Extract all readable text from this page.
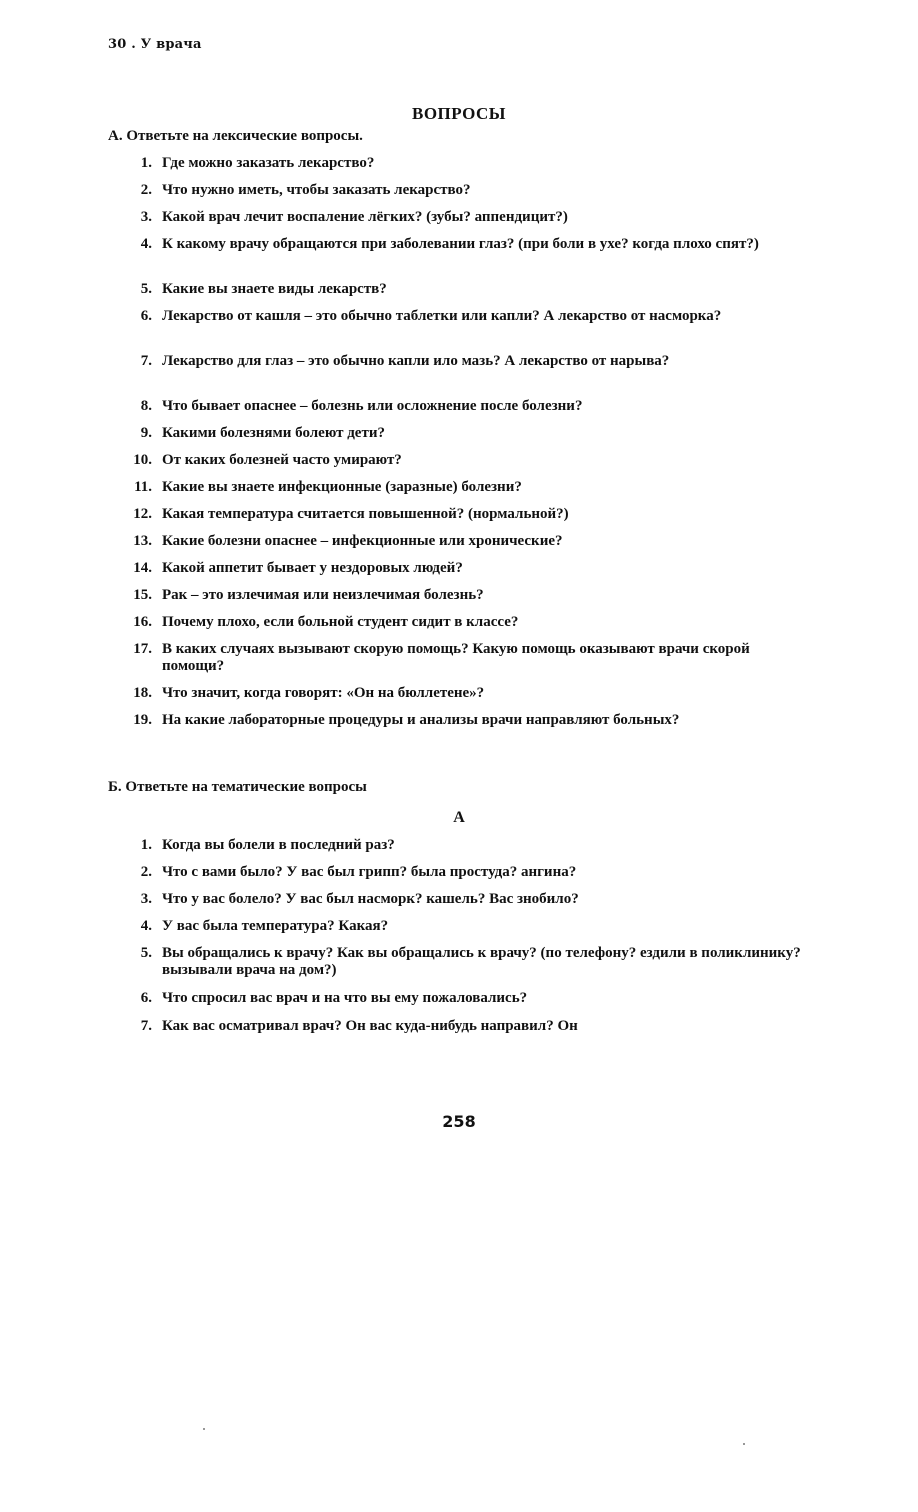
30 . У врача
ВОПРОСЫ
А. Ответьте на лексические вопросы.
1. Где можно заказать лекарство?
2. Что нужно иметь, чтобы заказать лекарство?
3. Какой врач лечит воспаление лёгких? (зубы? аппендицит?)
4. К какому врачу обращаются при заболевании глаз? (при боли в ухе? когда плохо спят?)
5. Какие вы знаете виды лекарств?
6. Лекарство от кашля – это обычно таблетки или капли? А лекарство от насморка?
7. Лекарство для глаз – это обычно капли ило мазь? А лекарство от нарыва?
8. Что бывает опаснее – болезнь или осложнение после болезни?
9. Какими болезнями болеют дети?
10. От каких болезней часто умирают?
11. Какие вы знаете инфекционные (заразные) болезни?
12. Какая температура считается повышенной? (нормальной?)
13. Какие болезни опаснее – инфекционные или хронические?
14. Какой аппетит бывает у нездоровых людей?
15. Рак – это излечимая или неизлечимая болезнь?
16. Почему плохо, если больной студент сидит в классе?
17. В каких случаях вызывают скорую помощь? Какую помощь оказывают врачи скорой помощи?
18. Что значит, когда говорят: «Он на бюллетене»?
19. На какие лабораторные процедуры и анализы врачи направляют больных?
Б. Ответьте на тематические вопросы
А
1. Когда вы болели в последний раз?
2. Что с вами было? У вас был грипп? была простуда? ангина?
3. Что у вас болело? У вас был насморк? кашель? Вас знобило?
4. У вас была температура? Какая?
5. Вы обращались к врачу? Как вы обращались к врачу? (по телефону? ездили в поликлинику? вызывали врача на дом?)
6. Что спросил вас врач и на что вы ему пожаловались?
7. Как вас осматривал врач? Он вас куда-нибудь направил? Он
258
